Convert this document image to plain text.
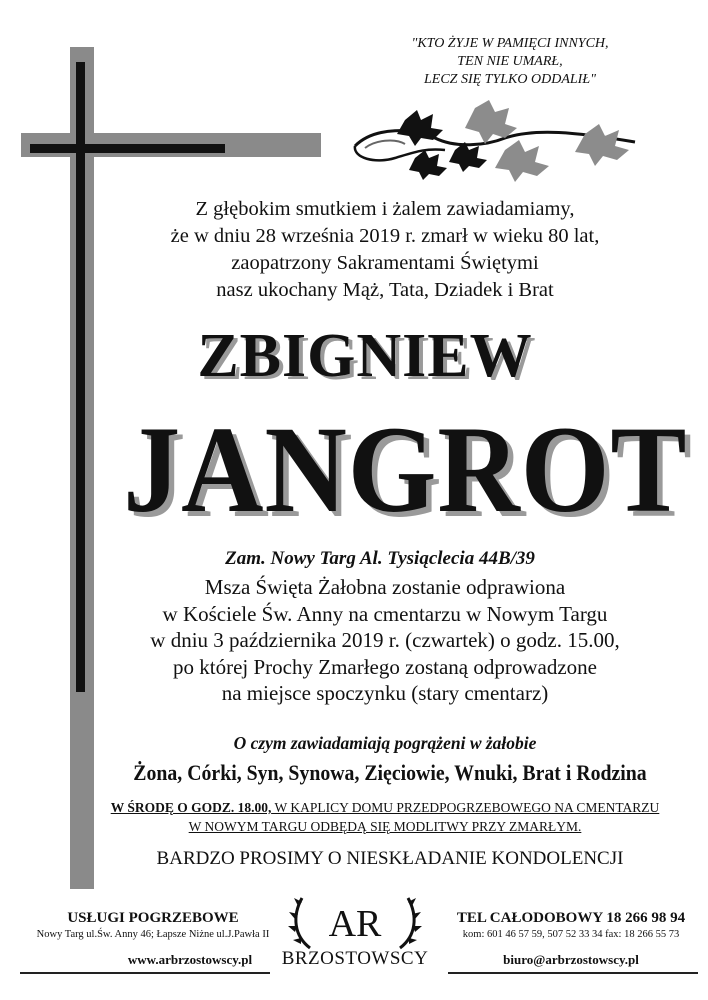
"KTO ŻYJE W PAMIĘCI INNYCH,
TEN NIE UMARŁ,
LECZ SIĘ TYLKO ODDALIŁ"
Z głębokim smutkiem i żalem zawiadamiamy,
że w dniu 28 września 2019 r. zmarł w wieku 80 lat,
zaopatrzony Sakramentami Świętymi
nasz ukochany Mąż, Tata, Dziadek i Brat
ZBIGNIEW
JANGROT
Zam. Nowy Targ Al. Tysiąclecia 44B/39
Msza Święta Żałobna zostanie odprawiona
w Kościele Św. Anny na cmentarzu w Nowym Targu
w dniu 3 października 2019 r. (czwartek) o godz. 15.00,
po której Prochy Zmarłego zostaną odprowadzone
na miejsce spoczynku (stary cmentarz)
O czym zawiadamiają pogrążeni w żałobie
Żona, Córki, Syn, Synowa, Zięciowie, Wnuki, Brat i Rodzina
W ŚRODĘ O GODZ. 18.00, W KAPLICY DOMU PRZEDPOGRZEBOWEGO NA CMENTARZU
W NOWYM TARGU ODBĘDĄ SIĘ MODLITWY PRZY ZMARŁYM.
BARDZO PROSIMY O NIESKŁADANIE KONDOLENCJI
USŁUGI POGRZEBOWE
Nowy Targ ul.Św. Anny 46; Łapsze Niżne ul.J.Pawła II
www.arbrzostowscy.pl
AR
BRZOSTOWSCY
TEL CAŁODOBOWY 18 266 98 94
kom: 601 46 57 59, 507 52 33 34 fax: 18 266 55 73
biuro@arbrzostowscy.pl
